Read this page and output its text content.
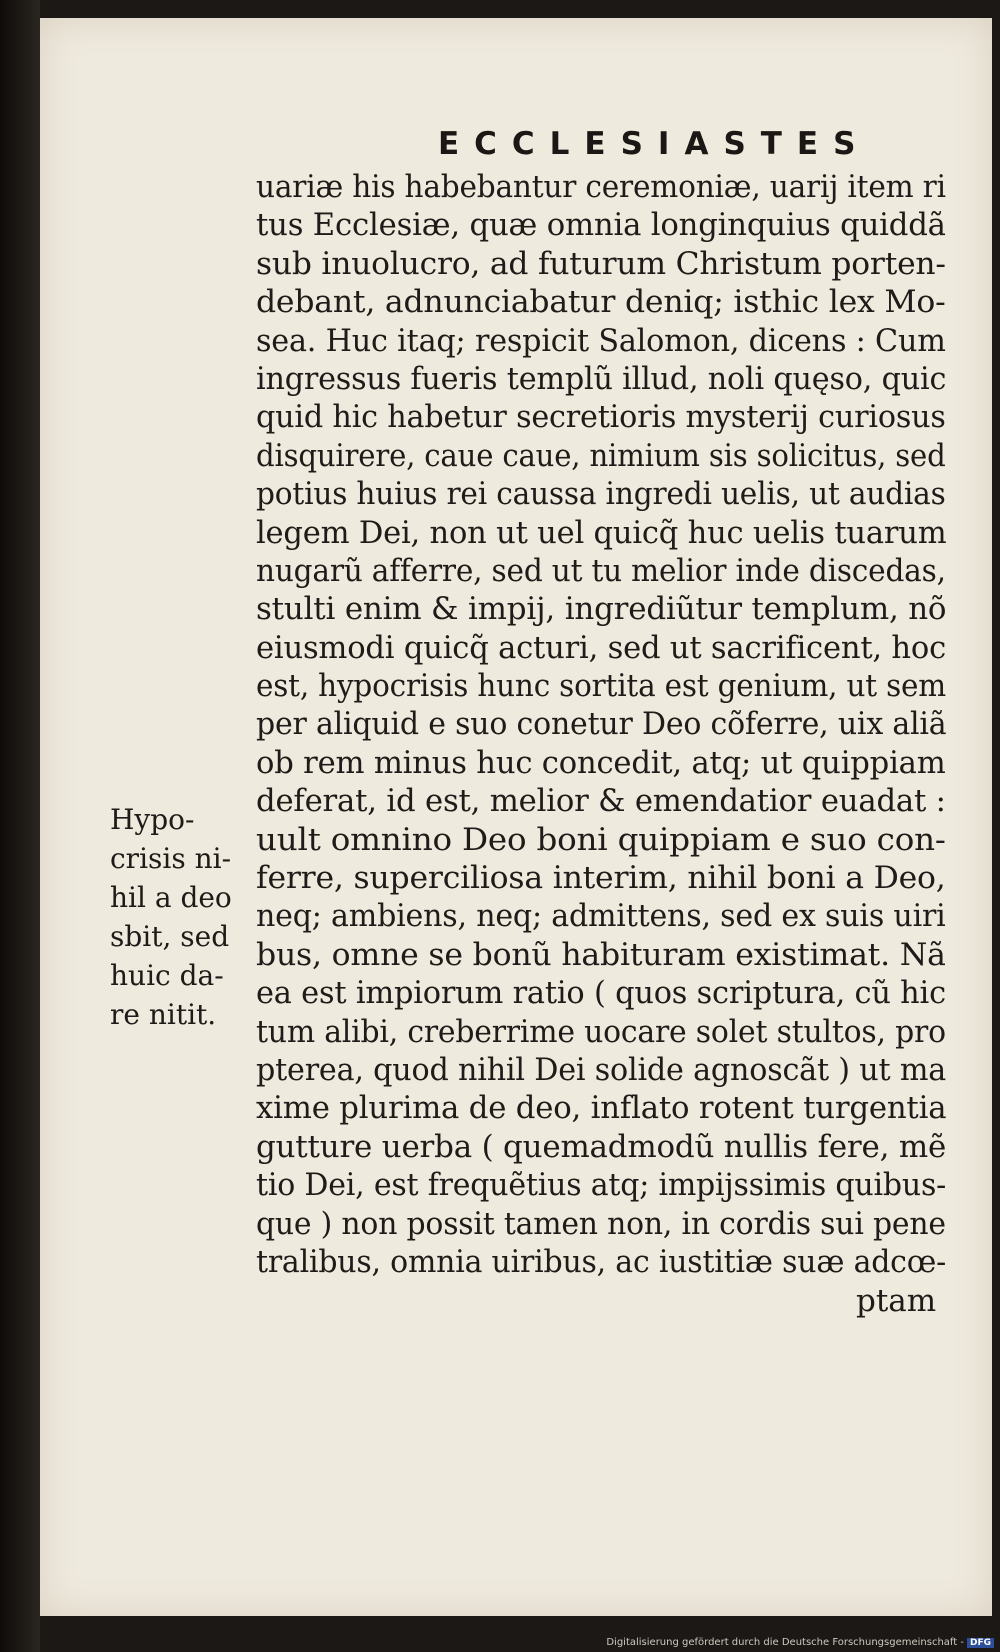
ECCLESIASTES
uariæ his habebantur ceremoniæ, uarij item ri
tus Ecclesiæ, quæ omnia longinquius quiddã
sub inuolucro, ad futurum Christum porten-
debant, adnunciabatur deniq; isthic lex Mo-
sea. Huc itaq; respicit Salomon, dicens : Cum
ingressus fueris templũ illud, noli quęso, quic
quid hic habetur secretioris mysterij curiosus
disquirere, caue caue, nimium sis solicitus, sed
potius huius rei caussa ingredi uelis, ut audias
legem Dei, non ut uel quicq̃ huc uelis tuarum
nugarũ afferre, sed ut tu melior inde discedas,
stulti enim & impij, ingrediũtur templum, nõ
eiusmodi quicq̃ acturi, sed ut sacrificent, hoc
est, hypocrisis hunc sortita est genium, ut sem
per aliquid e suo conetur Deo cõferre, uix aliã
ob rem minus huc concedit, atq; ut quippiam
deferat, id est, melior & emendatior euadat :
uult omnino Deo boni quippiam e suo con-
ferre, superciliosa interim, nihil boni a Deo,
neq; ambiens, neq; admittens, sed ex suis uiri
bus, omne se bonũ habituram existimat. Nã
ea est impiorum ratio ( quos scriptura, cũ hic
tum alibi, creberrime uocare solet stultos, pro
pterea, quod nihil Dei solide agnoscãt ) ut ma
xime plurima de deo, inflato rotent turgentia
gutture uerba ( quemadmodũ nullis fere, mẽ
tio Dei, est frequẽtius atq; impijssimis quibus-
que ) non possit tamen non, in cordis sui pene
tralibus, omnia uiribus, ac iustitiæ suæ adcœ-
ptam
Hypo-
crisis ni-
hil a deo
sbit, sed
huic da-
re nitit.
Digitalisierung gefördert durch die Deutsche Forschungsgemeinschaft - DFG
